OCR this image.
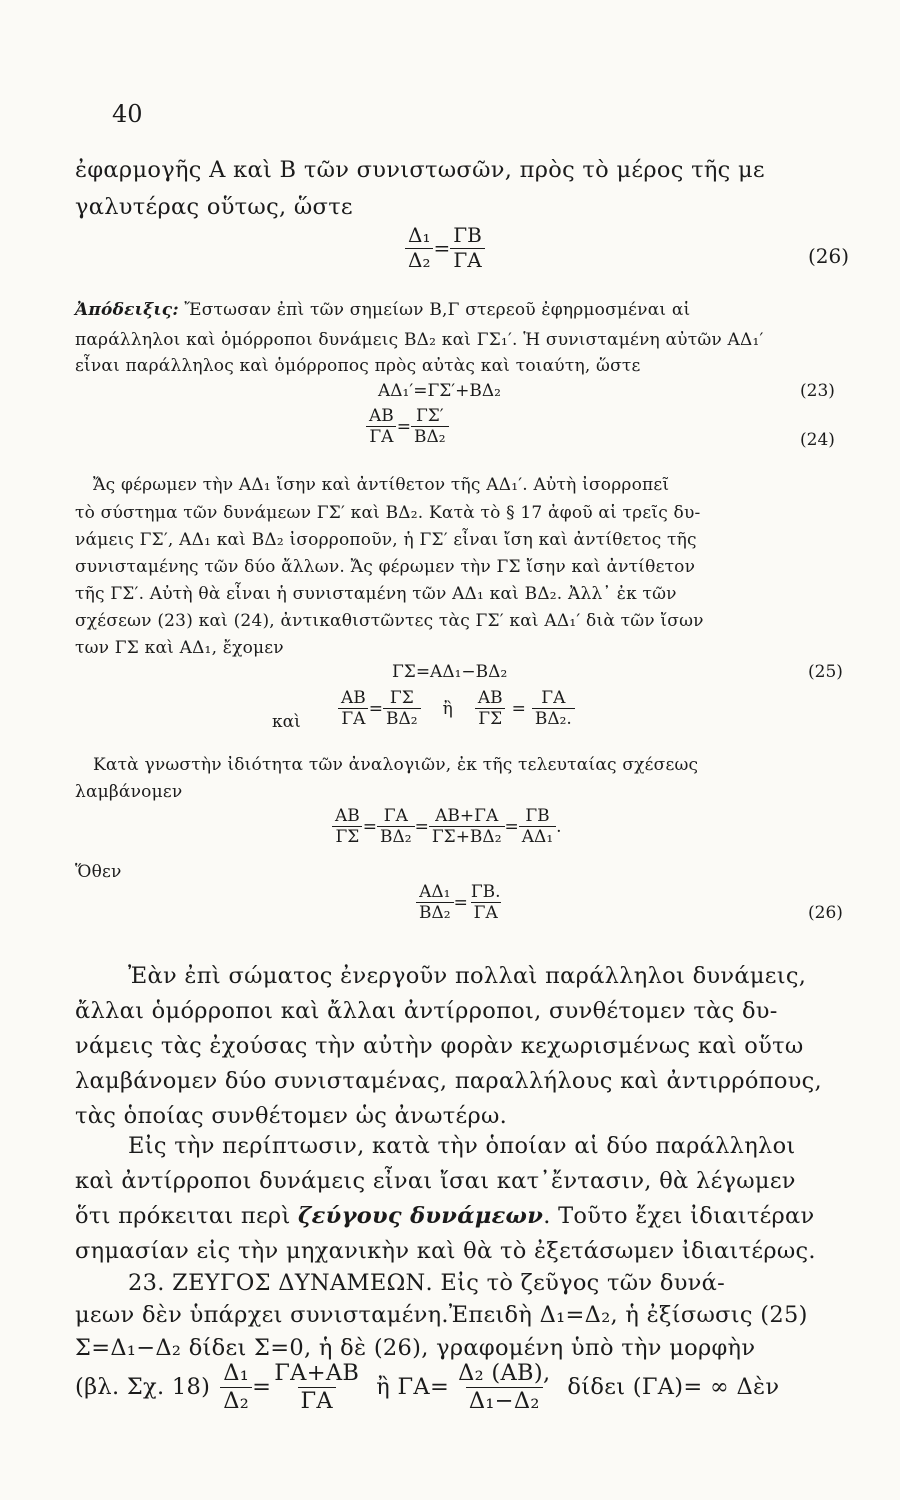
40
ἐφαρμογῆς Α καὶ Β τῶν συνιστωσῶν, πρὸς τὸ μέρος τῆς με
γαλυτέρας οὕτως, ὥστε
$\frac{\text{Δ₁}}{\text{Δ₂}} = \frac{\Gamma B}{\Gamma A}$	(26)
Ἀπόδειξις: Ἔστωσαν ἐπὶ τῶν σημείων Β,Γ στερεοῦ ἐφηρμοσμέναι αἱ
παράλληλοι καὶ ὁμόρροποι δυνάμεις ΒΔ₂ καὶ ΓΣ₁′. Ἡ συνισταμένη αὐτῶν ΑΔ₁′
εἶναι παράλληλος καὶ ὁμόρροπος πρὸς αὐτὰς καὶ τοιαύτη, ὥστε
ΑΔ₁′=ΓΣ′+ΒΔ₂	(23)
$\frac{AB}{\Gamma A} = \frac{\Gamma\Sigma'}{\text{ΒΔ₂}}$	(24)
Ἄς φέρωμεν τὴν ΑΔ₁ ἴσην καὶ ἀντίθετον τῆς ΑΔ₁′. Αὐτὴ ἰσορροπεῖ
τὸ σύστημα τῶν δυνάμεων ΓΣ′ καὶ ΒΔ₂. Κατὰ τὸ § 17 ἀφοῦ αἱ τρεῖς δυ-
νάμεις ΓΣ′, ΑΔ₁ καὶ ΒΔ₂ ἰσορροποῦν, ἡ ΓΣ′ εἶναι ἴση καὶ ἀντίθετος τῆς
συνισταμένης τῶν δύο ἄλλων. Ἄς φέρωμεν τὴν ΓΣ ἴσην καὶ ἀντίθετον
τῆς ΓΣ′. Αὐτὴ θὰ εἶναι ἡ συνισταμένη τῶν ΑΔ₁ καὶ ΒΔ₂. Ἀλλ᾽ ἐκ τῶν
σχέσεων (23) καὶ (24), ἀντικαθιστῶντες τὰς ΓΣ′ καὶ ΑΔ₁′ διὰ τῶν ἴσων
των ΓΣ καὶ ΑΔ₁, ἔχομεν
ΓΣ=ΑΔ₁−ΒΔ₂	(25)
καὶ $\frac{AB}{\Gamma A} = \frac{\Gamma\Sigma}{\text{ΒΔ₂}}$ ἢ $\frac{AB}{\Gamma\Sigma} = \frac{\Gamma A}{\text{ΒΔ₂.}}$
Κατὰ γνωστὴν ἰδιότητα τῶν ἀναλογιῶν, ἐκ τῆς τελευταίας σχέσεως
λαμβάνομεν
$\frac{AB}{\Gamma\Sigma} = \frac{\Gamma A}{\text{ΒΔ₂}} = \frac{AB+\Gamma A}{\text{ΓΣ+ΒΔ₂}} = \frac{\Gamma B}{\text{ΑΔ₁}}$ .
Ὅθεν
$\frac{\text{ΑΔ₁}}{\text{ΒΔ₂}} = \frac{\Gamma B.}{\Gamma A}$	(26)
Ἐὰν ἐπὶ σώματος ἐνεργοῦν πολλαὶ παράλληλοι δυνάμεις,
ἄλλαι ὁμόρροποι καὶ ἄλλαι ἀντίρροποι, συνθέτομεν τὰς δυ-
νάμεις τὰς ἐχούσας τὴν αὐτὴν φορὰν κεχωρισμένως καὶ οὕτω
λαμβάνομεν δύο συνισταμένας, παραλλήλους καὶ ἀντιρρόπους,
τὰς ὁποίας συνθέτομεν ὡς ἀνωτέρω.
Εἰς τὴν περίπτωσιν, κατὰ τὴν ὁποίαν αἱ δύο παράλληλοι
καὶ ἀντίρροποι δυνάμεις εἶναι ἴσαι κατ᾽ἔντασιν, θὰ λέγωμεν
ὅτι πρόκειται περὶ ζεύγους δυνάμεων. Τοῦτο ἔχει ἰδιαιτέραν
σημασίαν εἰς τὴν μηχανικὴν καὶ θὰ τὸ ἐξετάσωμεν ἰδιαιτέρως.
23. ΖΕΥΓΟΣ ΔΥΝΑΜΕΩΝ. Εἰς τὸ ζεῦγος τῶν δυνά-
μεων δὲν ὑπάρχει συνισταμένη.Ἐπειδὴ Δ₁=Δ₂, ἡ ἐξίσωσις (25)
Σ=Δ₁−Δ₂ δίδει Σ=0, ἡ δὲ (26), γραφομένη ὑπὸ τὴν μορφὴν
(βλ. Σχ. $18) \frac{\text{Δ₁}}{\text{Δ₂}} = \frac{\Gamma A+AB}{\Gamma A}$ ἢ $\Gamma A= \frac{\text{Δ₂ (ΑΒ),}}{\text{Δ₁−Δ₂}}$ δίδει (ΓΑ)= ∞ Δὲν
